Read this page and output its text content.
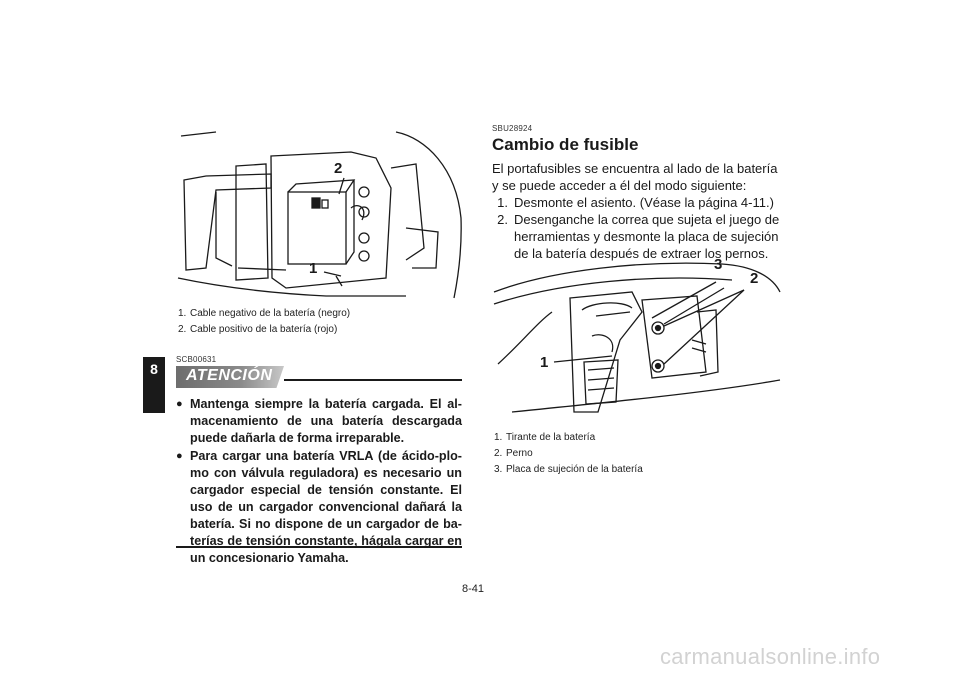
8
2
1
1. Cable negativo de la batería (negro)
2. Cable positivo de la batería (rojo)
SCB00631
ATENCIÓN
● Mantenga siempre la batería cargada. El al-macenamiento de una batería descargada puede dañarla de forma irreparable.
● Para cargar una batería VRLA (de ácido-plo-mo con válvula reguladora) es necesario un cargador especial de tensión constante. El uso de un cargador convencional dañará la batería. Si no dispone de un cargador de ba-terías de tensión constante, hágala cargar en un concesionario Yamaha.
SBU28924
Cambio de fusible
El portafusibles se encuentra al lado de la batería y se puede acceder a él del modo siguiente:
1. Desmonte el asiento. (Véase la página 4-11.)
2. Desenganche la correa que sujeta el juego de herramientas y desmonte la placa de sujeción de la batería después de extraer los pernos.
3
2
1
1. Tirante de la batería
2. Perno
3. Placa de sujeción de la batería
8-41
carmanualsonline.info
